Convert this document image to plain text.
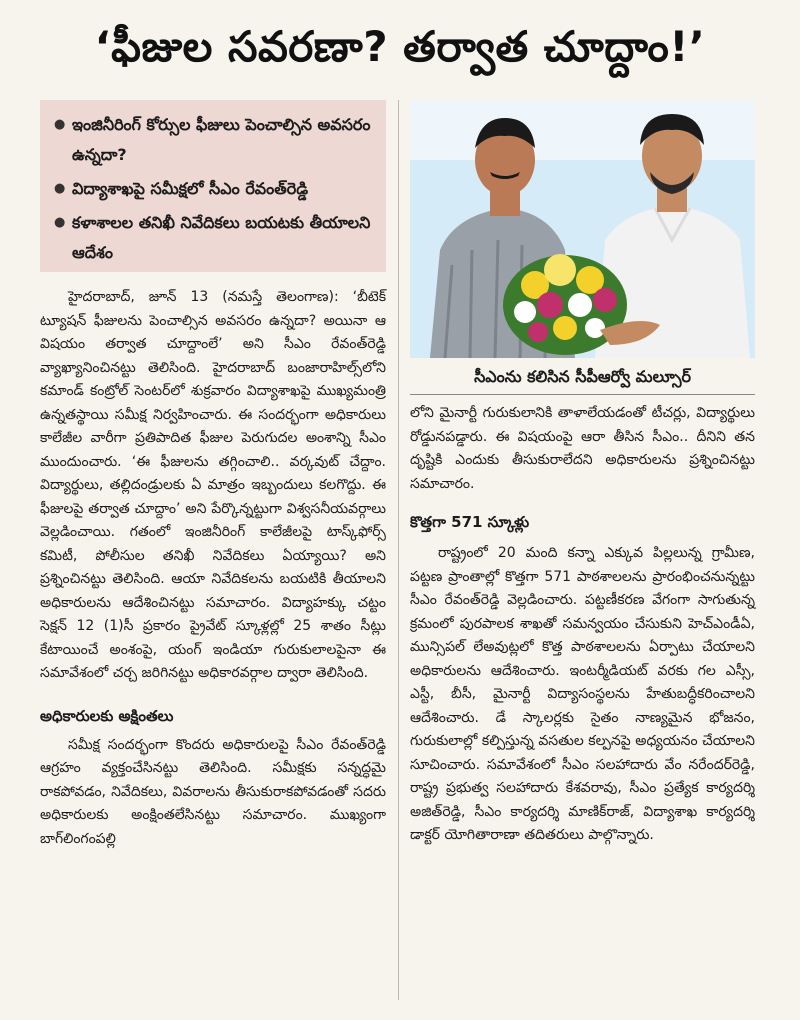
‘ఫీజుల సవరణా? తర్వాత చూద్దాం!’
● ఇంజినీరింగ్ కోర్సుల ఫీజులు పెంచాల్సిన అవసరం ఉన్నదా?
● విద్యాశాఖపై సమీక్షలో సీఎం రేవంత్‌రెడ్డి
● కళాశాలల తనిఖీ నివేదికలు బయటకు తీయాలని ఆదేశం
సీఎంను కలిసిన సీపీఆర్వో మల్సూర్

హైదరాబాద్, జూన్ 13 (నమస్తే తెలంగాణ): ‘బీటెక్ ట్యూషన్ ఫీజులను పెంచాల్సిన అవసరం ఉన్నదా? అయినా ఆ విషయం తర్వాత చూద్దాంలే’ అని సీఎం రేవంత్‌రెడ్డి వ్యాఖ్యానించినట్టు తెలిసింది. హైదరాబాద్ బంజారాహిల్స్‌లోని కమాండ్ కంట్రోల్ సెంటర్‌లో శుక్రవారం విద్యాశాఖపై ముఖ్యమంత్రి ఉన్నతస్థాయి సమీక్ష నిర్వహించారు. ఈ సందర్భంగా అధికారులు కాలేజీల వారీగా ప్రతిపాదిత ఫీజుల పెరుగుదల అంశాన్ని సీఎం ముందుంచారు. ‘ఈ ఫీజులను తగ్గించాలి.. వర్కవుట్ చేద్దాం. విద్యార్థులు, తల్లిదండ్రులకు ఏ మాత్రం ఇబ్బందులు కలగొద్దు. ఈ ఫీజులపై తర్వాత చూద్దాం’ అని పేర్కొన్నట్టుగా విశ్వసనీయవర్గాలు వెల్లడించాయి. గతంలో ఇంజినీరింగ్ కాలేజీలపై టాస్క్‌ఫోర్స్ కమిటీ, పోలీసుల తనిఖీ నివేదికలు ఏయ్యాయి? అని ప్రశ్నించినట్టు తెలిసింది. ఆయా నివేదికలను బయటికి తీయాలని అధికారులను ఆదేశించినట్టు సమాచారం. విద్యాహక్కు చట్టం సెక్షన్ 12 (1)సీ ప్రకారం ప్రైవేట్ స్కూళ్లల్లో 25 శాతం సీట్లు కేటాయించే అంశంపై, యంగ్ ఇండియా గురుకులాలపైనా ఈ సమావేశంలో చర్చ జరిగినట్టు అధికారవర్గాల ద్వారా తెలిసింది.

అధికారులకు అక్షింతలు

సమీక్ష సందర్భంగా కొందరు అధికారులపై సీఎం రేవంత్‌రెడ్డి ఆగ్రహం వ్యక్తంచేసినట్టు తెలిసింది. సమీక్షకు సన్నద్ధమై రాకపోవడం, నివేదికలు, వివరాలను తీసుకురాకపోవడంతో సదరు అధికారులకు అంక్షింతలేసినట్టు సమాచారం. ముఖ్యంగా బాగ్‌లింగంపల్లి

లోని మైనార్టీ గురుకులానికి తాళాలేయడంతో టీచర్లు, విద్యార్థులు రోడ్డునపడ్డారు. ఈ విషయంపై ఆరా తీసిన సీఎం.. దీనిని తన దృష్టికి ఎందుకు తీసుకురాలేదని అధికారులను ప్రశ్నించినట్టు సమాచారం.

కొత్తగా 571 స్కూళ్లు

రాష్ట్రంలో 20 మంది కన్నా ఎక్కువ పిల్లలున్న గ్రామీణ, పట్టణ ప్రాంతాల్లో కొత్తగా 571 పాఠశాలలను ప్రారంభించనున్నట్టు సీఎం రేవంత్‌రెడ్డి వెల్లడించారు. పట్టణీకరణ వేగంగా సాగుతున్న క్రమంలో పురపాలక శాఖతో సమన్వయం చేసుకుని హెచ్ఎండీఏ, మున్సిపల్ లేఅవుట్లలో కొత్త పాఠశాలలను ఏర్పాటు చేయాలని అధికారులను ఆదేశించారు. ఇంటర్మీడియట్ వరకు గల ఎస్సీ, ఎస్టీ, బీసీ, మైనార్టీ విద్యాసంస్థలను హేతుబద్ధీకరించాలని ఆదేశించారు. డే స్కాలర్లకు సైతం నాణ్యమైన భోజనం, గురుకులాల్లో కల్పిస్తున్న వసతుల కల్పనపై అధ్యయనం చేయాలని సూచించారు. సమావేశంలో సీఎం సలహాదారు వేం నరేందర్‌రెడ్డి, రాష్ట్ర ప్రభుత్వ సలహాదారు కేశవరావు, సీఎం ప్రత్యేక కార్యదర్శి అజిత్‌రెడ్డి, సీఎం కార్యదర్శి మాణిక్‌రాజ్, విద్యాశాఖ కార్యదర్శి డాక్టర్ యోగితారాణా తదితరులు పాల్గొన్నారు.
